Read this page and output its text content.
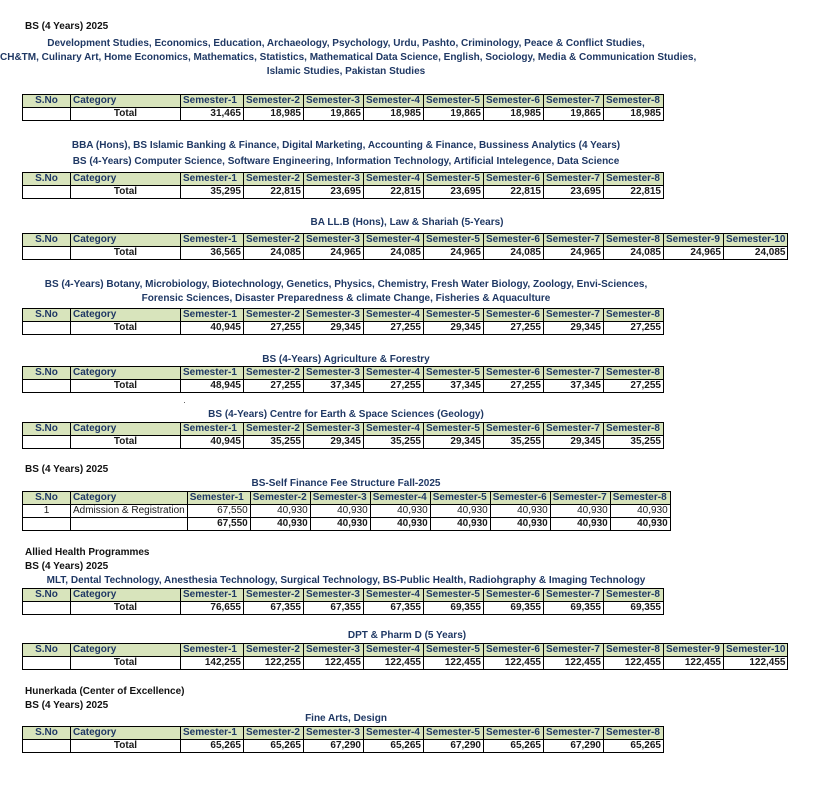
BS (4 Years) 2025
BS (4 Years) 2025
Allied Health Programmes
BS (4 Years) 2025
Hunerkada (Center of Excellence)
BS (4 Years) 2025
Development Studies, Economics, Education, Archaeology, Psychology, Urdu, Pashto, Criminology, Peace & Conflict Studies,
CH&TM, Culinary Art, Home Economics, Mathematics, Statistics, Mathematical Data Science, English, Sociology, Media & Communication Studies,
Islamic Studies, Pakistan Studies
S.No	Category	Semester-1	Semester-2	Semester-3	Semester-4	Semester-5	Semester-6	Semester-7	Semester-8
	Total	31,465	18,985	19,865	18,985	19,865	18,985	19,865	18,985
BBA (Hons), BS Islamic Banking & Finance, Digital Marketing, Accounting & Finance, Bussiness Analytics (4 Years)
BS (4-Years) Computer Science, Software Engineering, Information Technology, Artificial Intelegence, Data Science
S.No	Category	Semester-1	Semester-2	Semester-3	Semester-4	Semester-5	Semester-6	Semester-7	Semester-8
	Total	35,295	22,815	23,695	22,815	23,695	22,815	23,695	22,815
BA LL.B (Hons), Law & Shariah (5-Years)
S.No	Category	Semester-1	Semester-2	Semester-3	Semester-4	Semester-5	Semester-6	Semester-7	Semester-8	Semester-9	Semester-10
	Total	36,565	24,085	24,965	24,085	24,965	24,085	24,965	24,085	24,965	24,085
BS (4-Years) Botany, Microbiology, Biotechnology, Genetics, Physics, Chemistry, Fresh Water Biology, Zoology, Envi-Sciences,
Forensic Sciences, Disaster Preparedness & climate Change, Fisheries & Aquaculture
S.No	Category	Semester-1	Semester-2	Semester-3	Semester-4	Semester-5	Semester-6	Semester-7	Semester-8
	Total	40,945	27,255	29,345	27,255	29,345	27,255	29,345	27,255
BS (4-Years) Agriculture & Forestry
S.No	Category	Semester-1	Semester-2	Semester-3	Semester-4	Semester-5	Semester-6	Semester-7	Semester-8
	Total	48,945	27,255	37,345	27,255	37,345	27,255	37,345	27,255
BS (4-Years) Centre for Earth & Space Sciences (Geology)
S.No	Category	Semester-1	Semester-2	Semester-3	Semester-4	Semester-5	Semester-6	Semester-7	Semester-8
	Total	40,945	35,255	29,345	35,255	29,345	35,255	29,345	35,255
BS-Self Finance Fee Structure Fall-2025
S.No	Category	Semester-1	Semester-2	Semester-3	Semester-4	Semester-5	Semester-6	Semester-7	Semester-8
1	Admission & Registration	67,550	40,930	40,930	40,930	40,930	40,930	40,930	40,930
		67,550	40,930	40,930	40,930	40,930	40,930	40,930	40,930
MLT, Dental Technology, Anesthesia Technology, Surgical Technology, BS-Public Health, Radiohgraphy & Imaging Technology
S.No	Category	Semester-1	Semester-2	Semester-3	Semester-4	Semester-5	Semester-6	Semester-7	Semester-8
	Total	76,655	67,355	67,355	67,355	69,355	69,355	69,355	69,355
DPT & Pharm D (5 Years)
S.No	Category	Semester-1	Semester-2	Semester-3	Semester-4	Semester-5	Semester-6	Semester-7	Semester-8	Semester-9	Semester-10
	Total	142,255	122,255	122,455	122,455	122,455	122,455	122,455	122,455	122,455	122,455
Fine Arts, Design
S.No	Category	Semester-1	Semester-2	Semester-3	Semester-4	Semester-5	Semester-6	Semester-7	Semester-8
	Total	65,265	65,265	67,290	65,265	67,290	65,265	67,290	65,265
